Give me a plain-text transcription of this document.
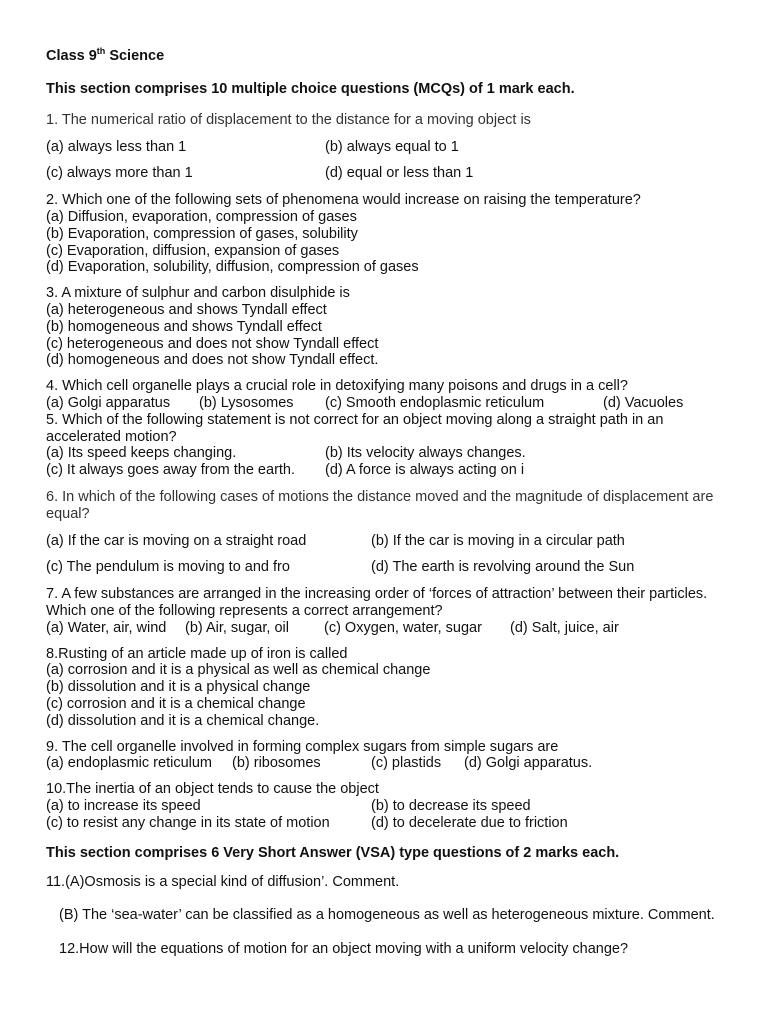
Class 9th Science
This section comprises 10 multiple choice questions (MCQs) of 1 mark each.

1. The numerical ratio of displacement to the distance for a moving object is

(a) always less than 1	(b) always equal to 1
(c) always more than 1	(d) equal or less than 1

2. Which one of the following sets of phenomena would increase on raising the temperature?

(a) Diffusion, evaporation, compression of gases

(b) Evaporation, compression of gases, solubility

(c) Evaporation, diffusion, expansion of gases

(d) Evaporation, solubility, diffusion, compression of gases

3. A mixture of sulphur and carbon disulphide is

(a) heterogeneous and shows Tyndall effect

(b) homogeneous and shows Tyndall effect

(c) heterogeneous and does not show Tyndall effect

(d) homogeneous and does not show Tyndall effect.

4. Which cell organelle plays a crucial role in detoxifying many poisons and drugs in a cell?

(a) Golgi apparatus (b) Lysosomes (c) Smooth endoplasmic reticulum	(d) Vacuoles

5. Which of the following statement is not correct for an object moving along a straight path in an accelerated motion?

(a) Its speed keeps changing.	(b) Its velocity always changes.
(c) It always goes away from the earth.	(d) A force is always acting on i

6. In which of the following cases of motions the distance moved and the magnitude of displacement are equal?

(a) If the car is moving on a straight road	(b) If the car is moving in a circular path
(c) The pendulum is moving to and fro	(d) The earth is revolving around the Sun

7. A few substances are arranged in the increasing order of ‘forces of attraction’ between their particles. Which one of the following represents a correct arrangement?

(a) Water, air, wind (b) Air, sugar, oil (c) Oxygen, water, sugar (d) Salt, juice, air

8.Rusting of an article made up of iron is called

(a) corrosion and it is a physical as well as chemical change

(b) dissolution and it is a physical change

(c) corrosion and it is a chemical change

(d) dissolution and it is a chemical change.

9. The cell organelle involved in forming complex sugars from simple sugars are

(a) endoplasmic reticulum (b) ribosomes	(c) plastids (d) Golgi apparatus.

10.The inertia of an object tends to cause the object

(a) to increase its speed	(b) to decrease its speed
(c) to resist any change in its state of motion	(d) to decelerate due to friction
This section comprises 6 Very Short Answer (VSA) type questions of 2 marks each.

11.(A)Osmosis is a special kind of diffusion’. Comment.

(B) The ‘sea-water’ can be classified as a homogeneous as well as heterogeneous mixture. Comment.

12.How will the equations of motion for an object moving with a uniform velocity change?
